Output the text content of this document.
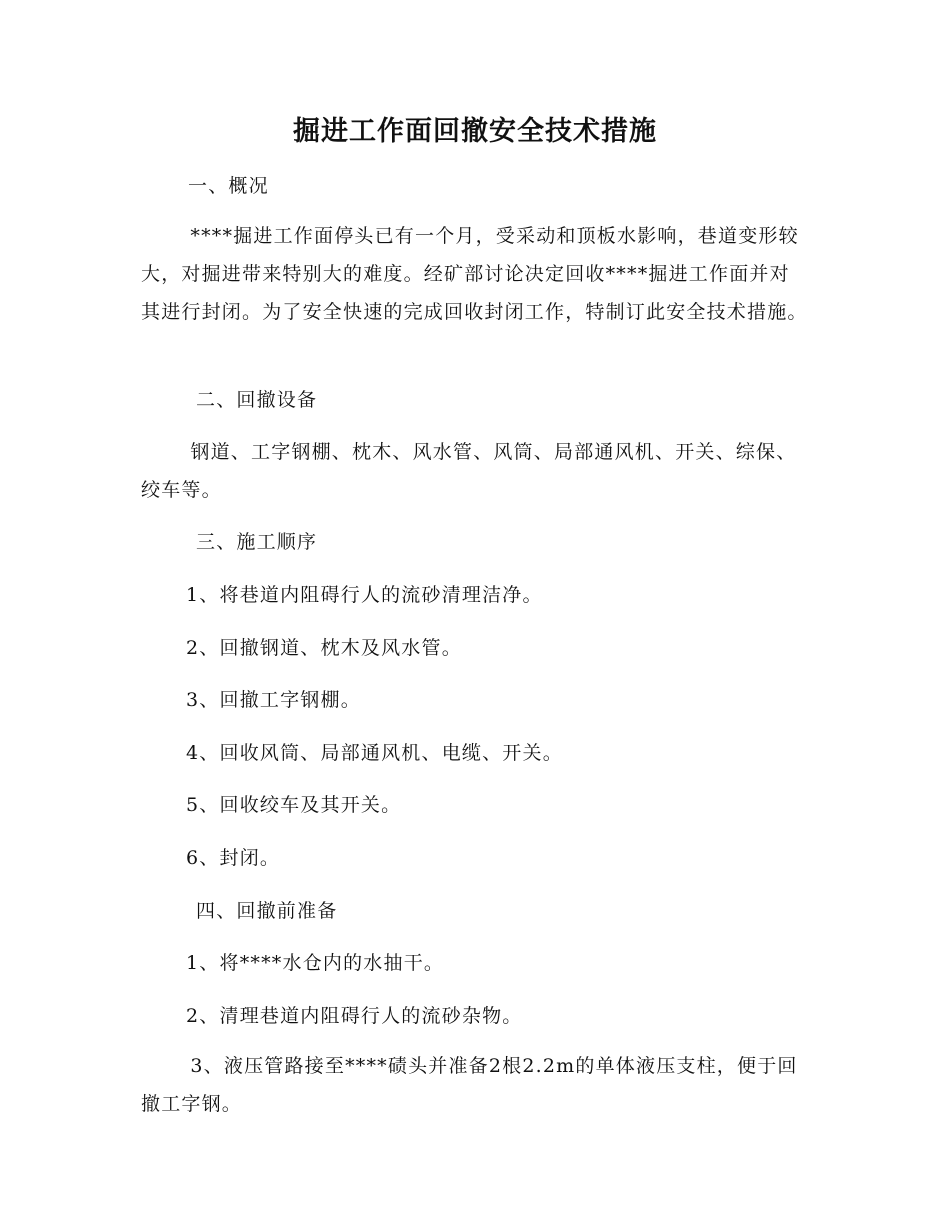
掘进工作面回撤安全技术措施

一、概况

****掘进工作面停头已有一个月，受采动和顶板水影响，巷道变形较大，对掘进带来特别大的难度。经矿部讨论决定回收****掘进工作面并对其进行封闭。为了安全快速的完成回收封闭工作，特制订此安全技术措施。

二、回撤设备

钢道、工字钢棚、枕木、风水管、风筒、局部通风机、开关、综保、绞车等。

三、施工顺序

1、将巷道内阻碍行人的流砂清理洁净。

2、回撤钢道、枕木及风水管。

3、回撤工字钢棚。

4、回收风筒、局部通风机、电缆、开关。

5、回收绞车及其开关。

6、封闭。

四、回撤前准备

1、将****水仓内的水抽干。

2、清理巷道内阻碍行人的流砂杂物。

3、液压管路接至****碛头并准备2根2.2m的单体液压支柱，便于回撤工字钢。
